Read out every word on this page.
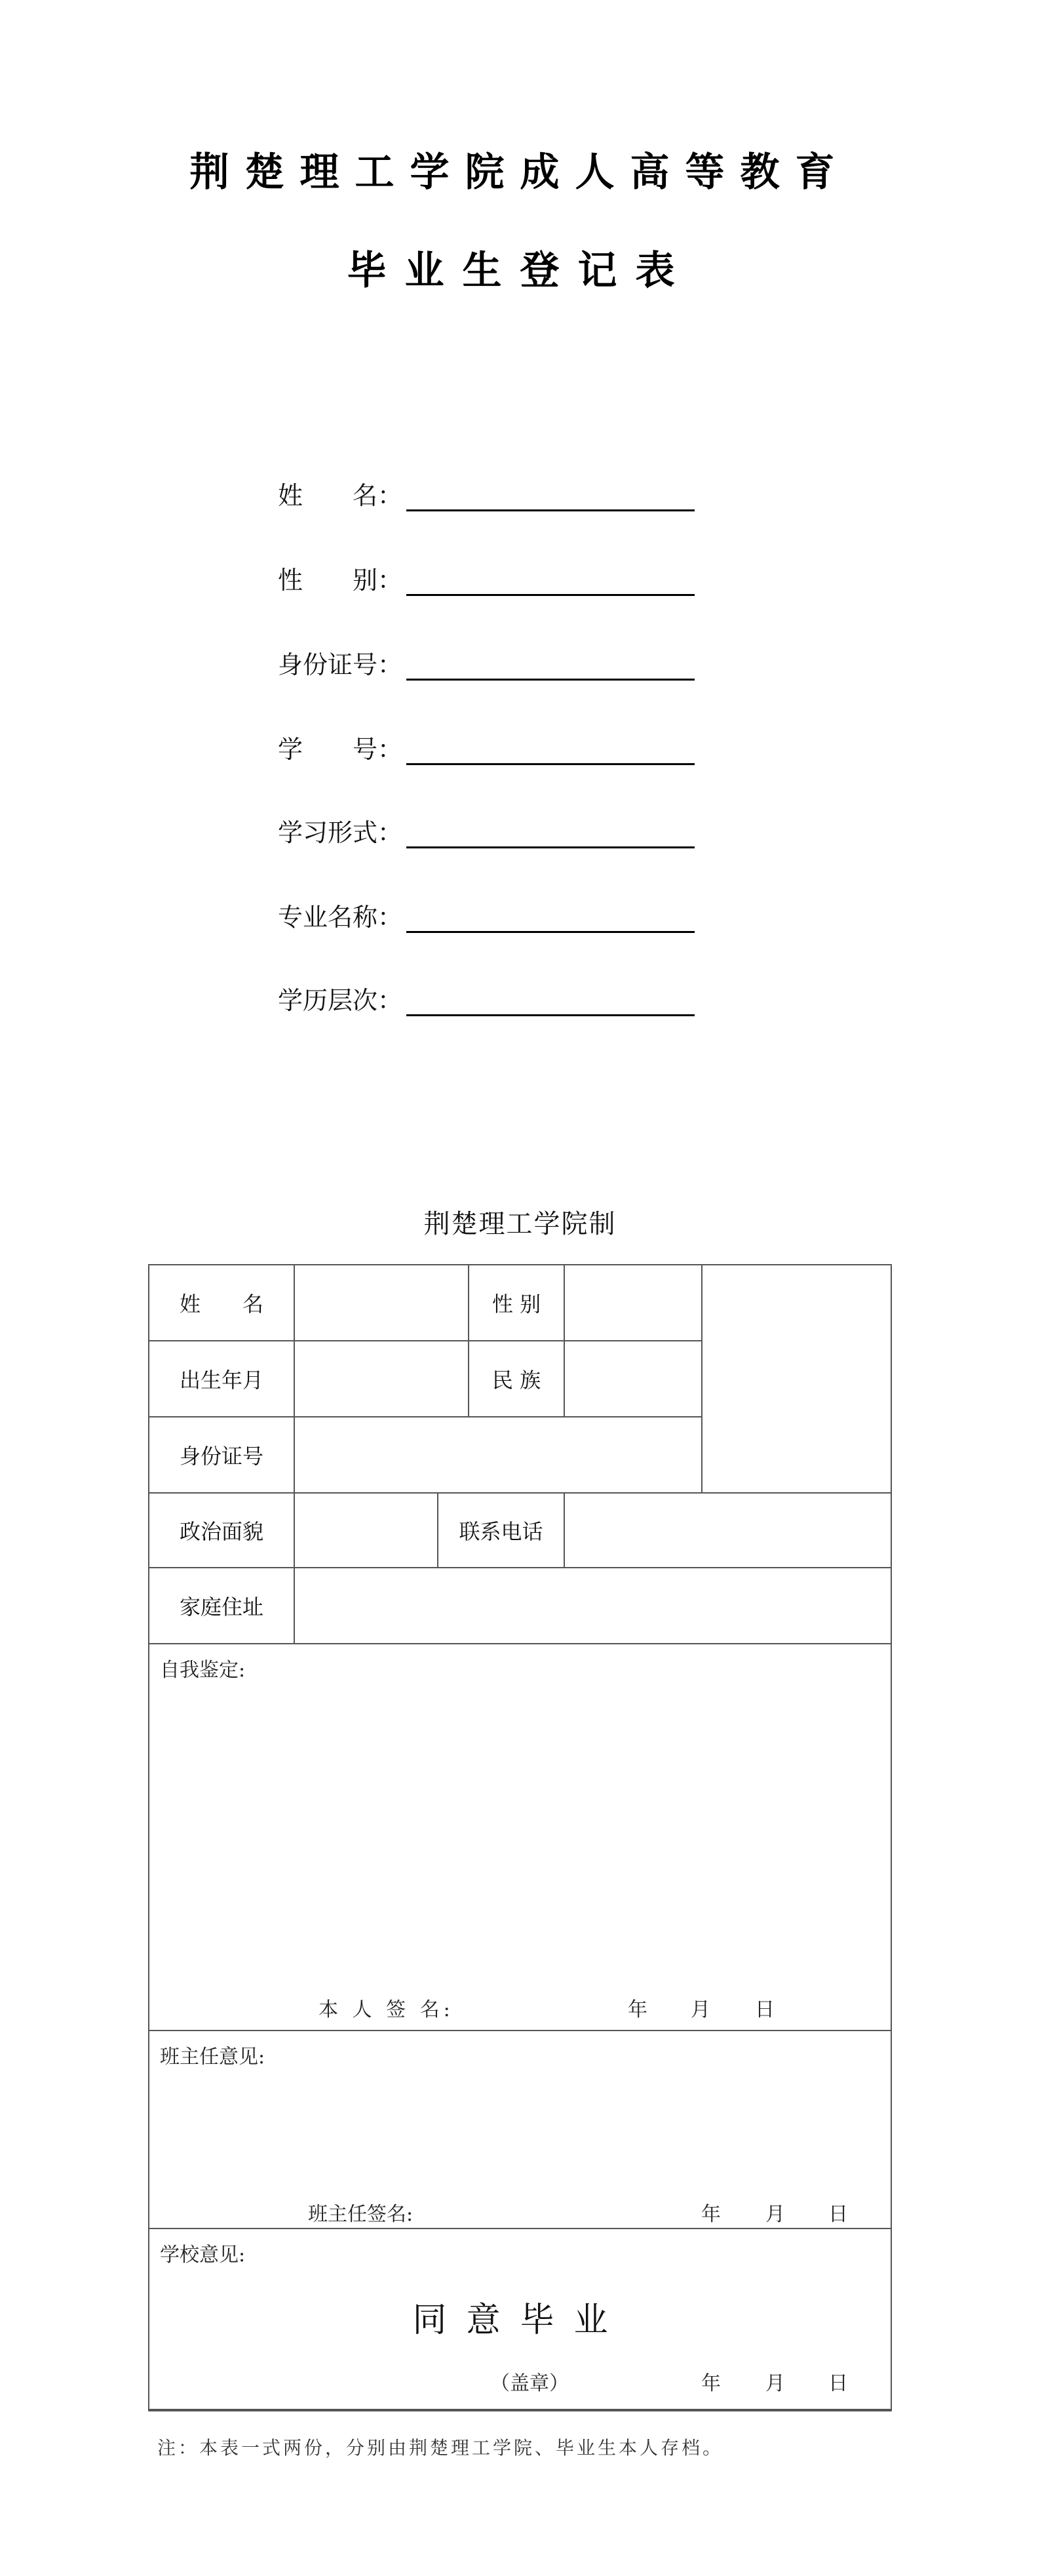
荆楚理工学院成人高等教育
毕业生登记表
姓　　名：
性　　别：
身份证号：
学　　号：
学习形式：
专业名称：
学历层次：
荆楚理工学院制
姓　　名	性 别
出生年月	民 族
身份证号
政治面貌	联系电话
家庭住址
自我鉴定:
本 人 签 名:	年 月 日
班主任意见:
班主任签名:	年 月 日
学校意见:
同意毕业
（盖章）	年 月 日
注：本表一式两份，分别由荆楚理工学院、毕业生本人存档。
